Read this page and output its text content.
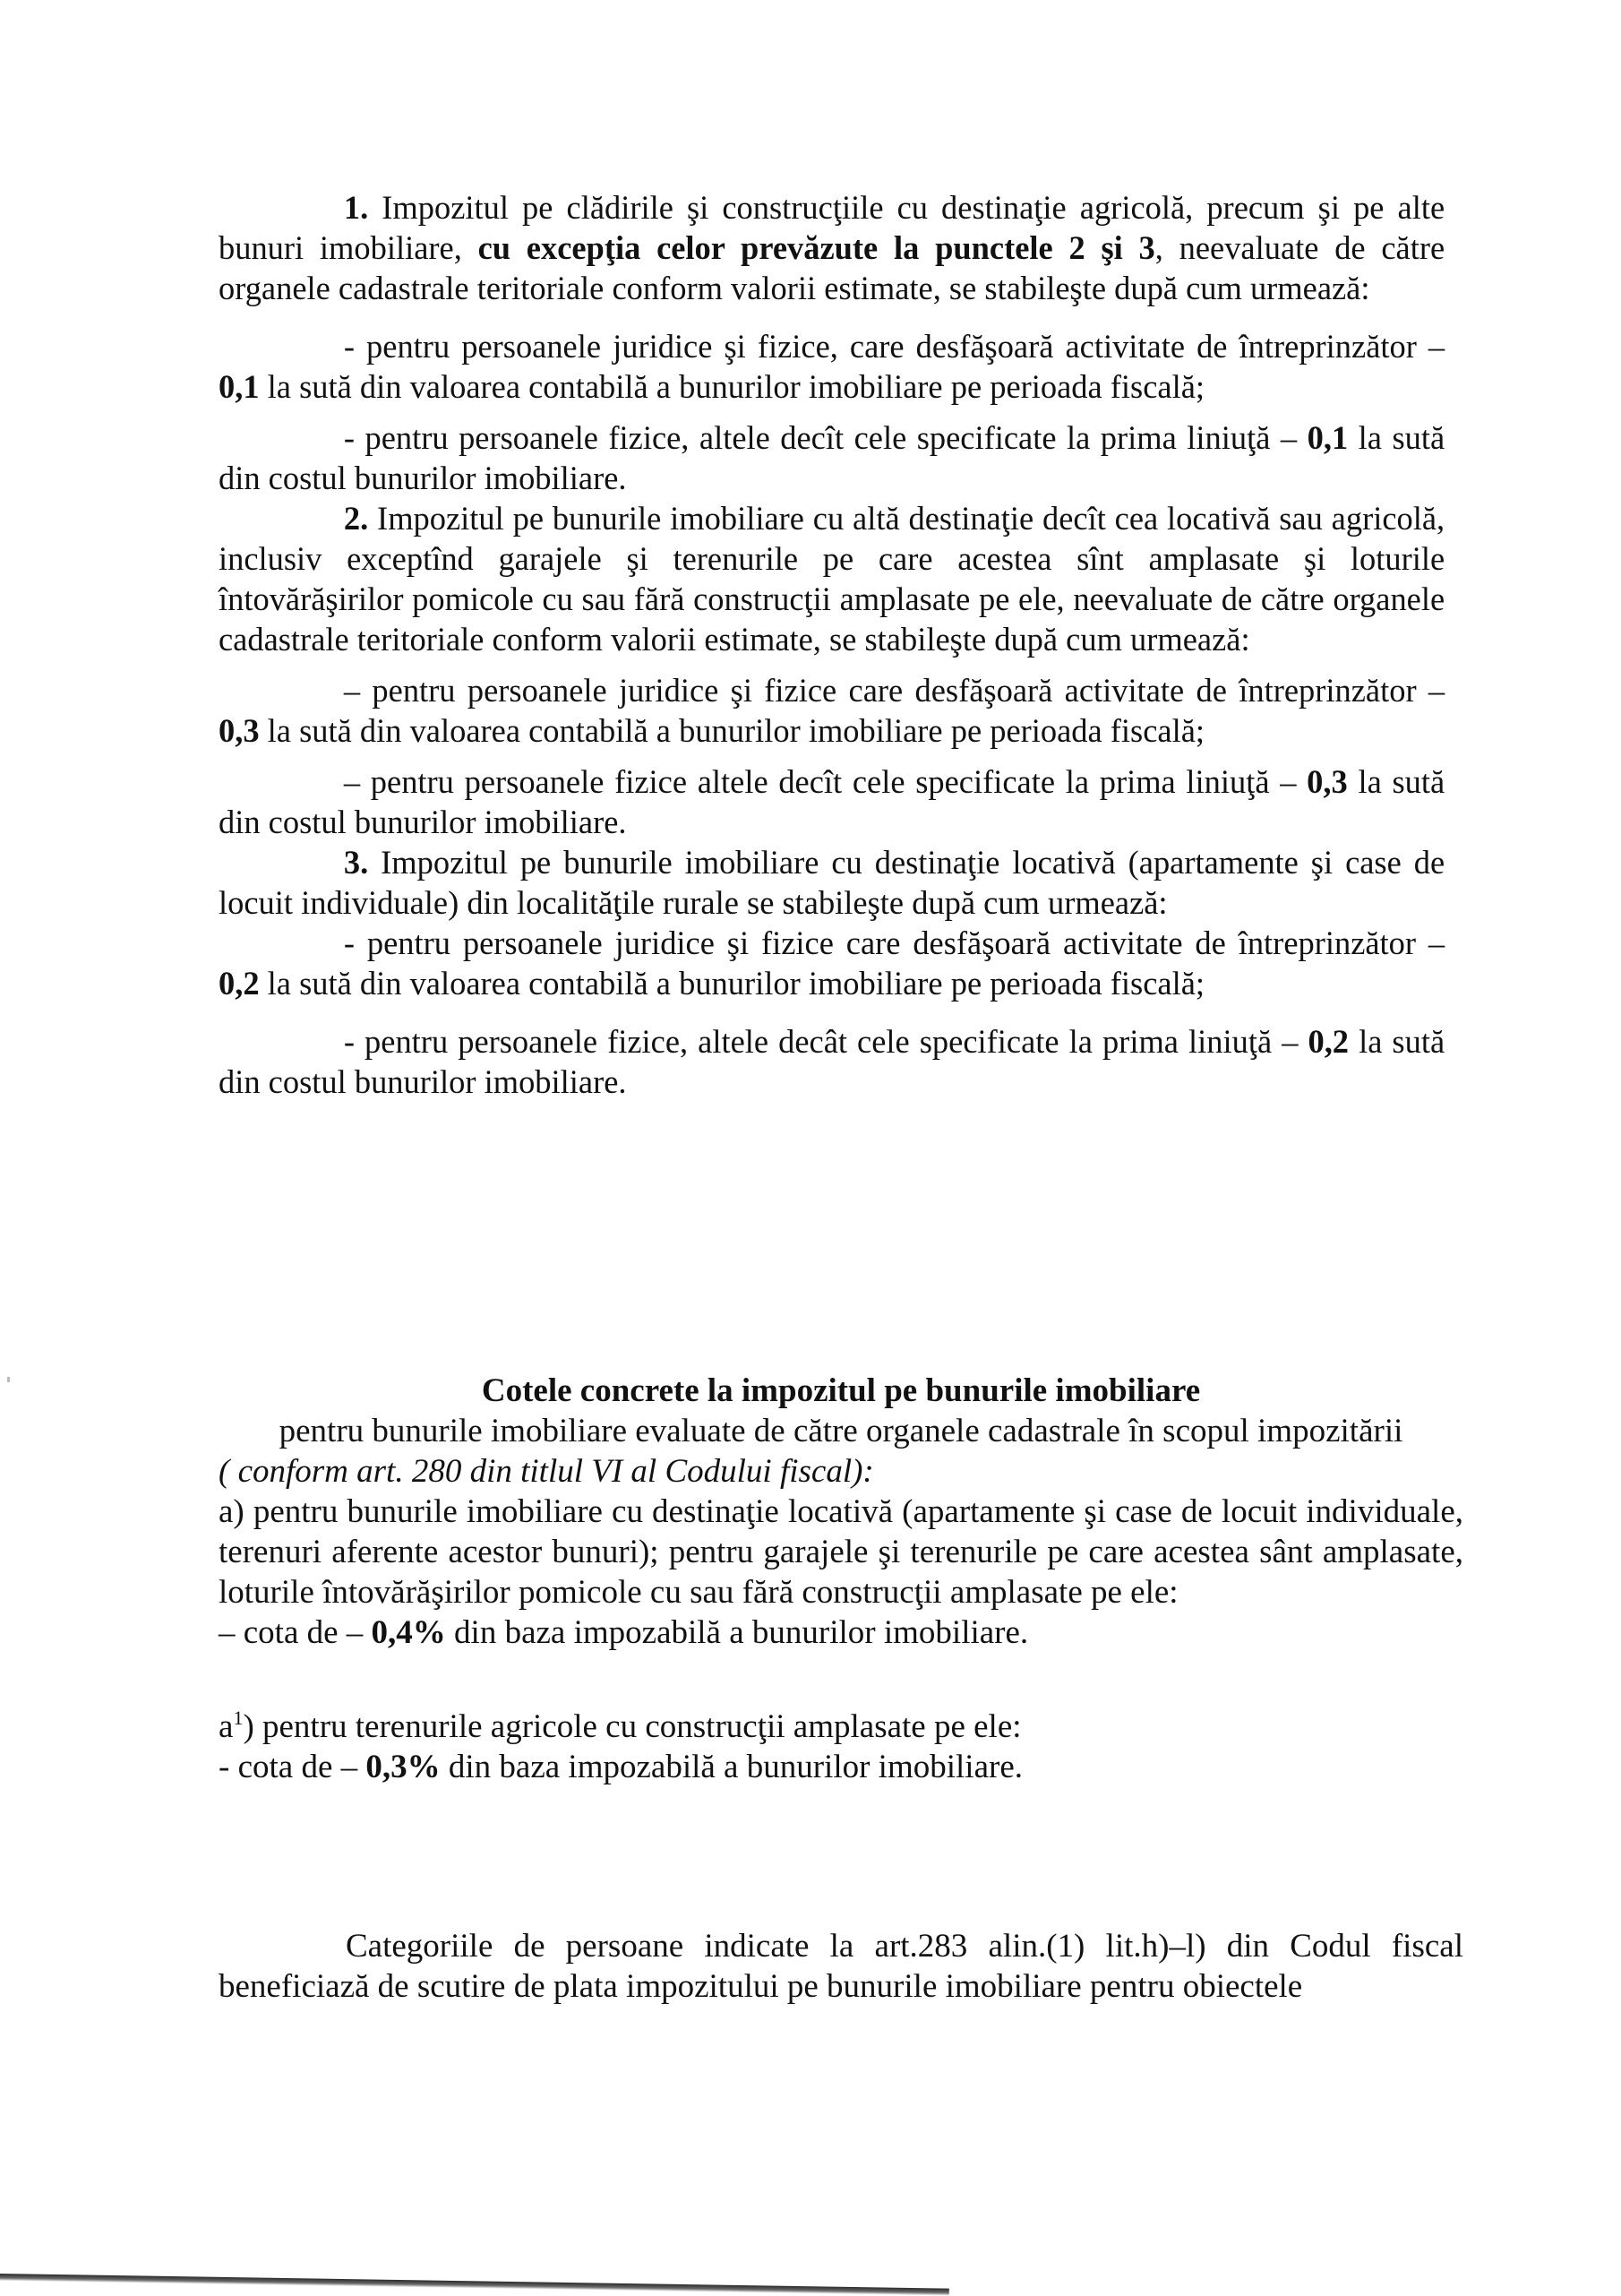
1. Impozitul pe clădirile şi construcţiile cu destinaţie agricolă, precum şi pe alte bunuri imobiliare, cu excepţia celor prevăzute la punctele 2 şi 3, neevaluate de către organele cadastrale teritoriale conform valorii estimate, se stabileşte după cum urmează:

- pentru persoanele juridice şi fizice, care desfăşoară activitate de întreprinzător – 0,1 la sută din valoarea contabilă a bunurilor imobiliare pe perioada fiscală;

- pentru persoanele fizice, altele decît cele specificate la prima liniuţă – 0,1 la sută din costul bunurilor imobiliare.

2. Impozitul pe bunurile imobiliare cu altă destinaţie decît cea locativă sau agricolă, inclusiv exceptînd garajele şi terenurile pe care acestea sînt amplasate şi loturile întovărăşirilor pomicole cu sau fără construcţii amplasate pe ele, neevaluate de către organele cadastrale teritoriale conform valorii estimate, se stabileşte după cum urmează:

– pentru persoanele juridice şi fizice care desfăşoară activitate de întreprinzător – 0,3 la sută din valoarea contabilă a bunurilor imobiliare pe perioada fiscală;

– pentru persoanele fizice altele decît cele specificate la prima liniuţă – 0,3 la sută din costul bunurilor imobiliare.

3. Impozitul pe bunurile imobiliare cu destinaţie locativă (apartamente şi case de locuit individuale) din localităţile rurale se stabileşte după cum urmează:

- pentru persoanele juridice şi fizice care desfăşoară activitate de întreprinzător – 0,2 la sută din valoarea contabilă a bunurilor imobiliare pe perioada fiscală;

- pentru persoanele fizice, altele decât cele specificate la prima liniuţă – 0,2 la sută din costul bunurilor imobiliare.

Cotele concrete la impozitul pe bunurile imobiliare

pentru bunurile imobiliare evaluate de către organele cadastrale în scopul impozitării

( conform art. 280 din titlul VI al Codului fiscal):

a) pentru bunurile imobiliare cu destinaţie locativă (apartamente şi case de locuit individuale, terenuri aferente acestor bunuri); pentru garajele şi terenurile pe care acestea sânt amplasate, loturile întovărăşirilor pomicole cu sau fără construcţii amplasate pe ele:

– cota de – 0,4% din baza impozabilă a bunurilor imobiliare.

$a^1$) pentru terenurile agricole cu construcţii amplasate pe ele:

- cota de – 0,3% din baza impozabilă a bunurilor imobiliare.

Categoriile de persoane indicate la art.283 alin.(1) lit.h)–l) din Codul fiscal beneficiază de scutire de plata impozitului pe bunurile imobiliare pentru obiectele
